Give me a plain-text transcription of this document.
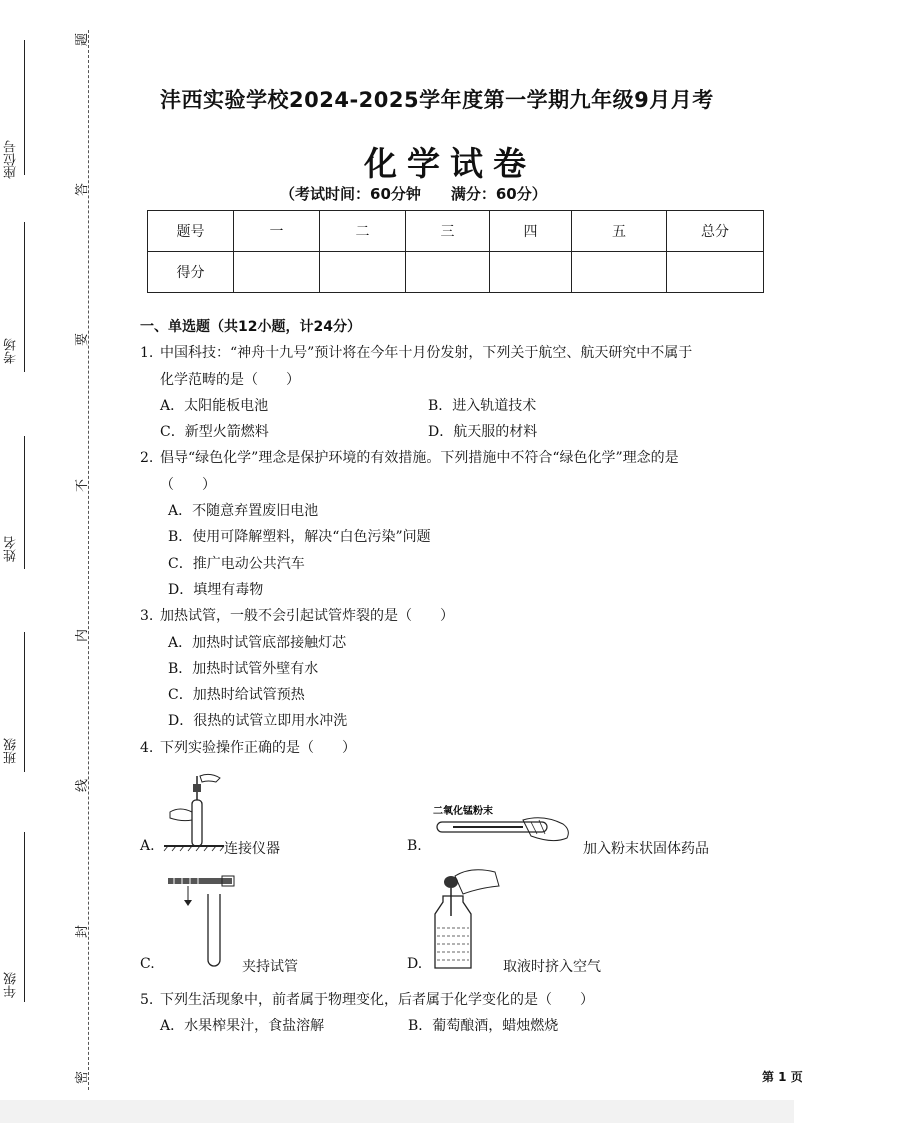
座位号
考场
姓名
班级
年级
题
答
要
不
内
线
封
密
沣西实验学校2024-2025学年度第一学期九年级9月月考
化学试卷
（考试时间：60分钟 满分：60分）
题号	一	二	三	四	五	总分
得分						
一、单选题（共12小题，计24分）
1. 中国科技：“神舟十九号”预计将在今年十月份发射，下列关于航空、航天研究中不属于
化学范畴的是（　　）
A．太阳能板电池	B．进入轨道技术
C．新型火箭燃料	D．航天服的材料
2. 倡导“绿色化学”理念是保护环境的有效措施。下列措施中不符合“绿色化学”理念的是
（　　）
A．不随意弃置废旧电池
B．使用可降解塑料，解决“白色污染”问题
C．推广电动公共汽车
D．填埋有毒物
3. 加热试管，一般不会引起试管炸裂的是（　　）
A．加热时试管底部接触灯芯
B．加热时试管外壁有水
C．加热时给试管预热
D．很热的试管立即用水冲洗
4. 下列实验操作正确的是（　　）
A.	连接仪器	B.
二氧化锰粉末
加入粉末状固体药品
C.	夹持试管	D.	取液时挤入空气
5. 下列生活现象中，前者属于物理变化，后者属于化学变化的是（　　）
A．水果榨果汁，食盐溶解	B．葡萄酿酒，蜡烛燃烧
第 1 页
